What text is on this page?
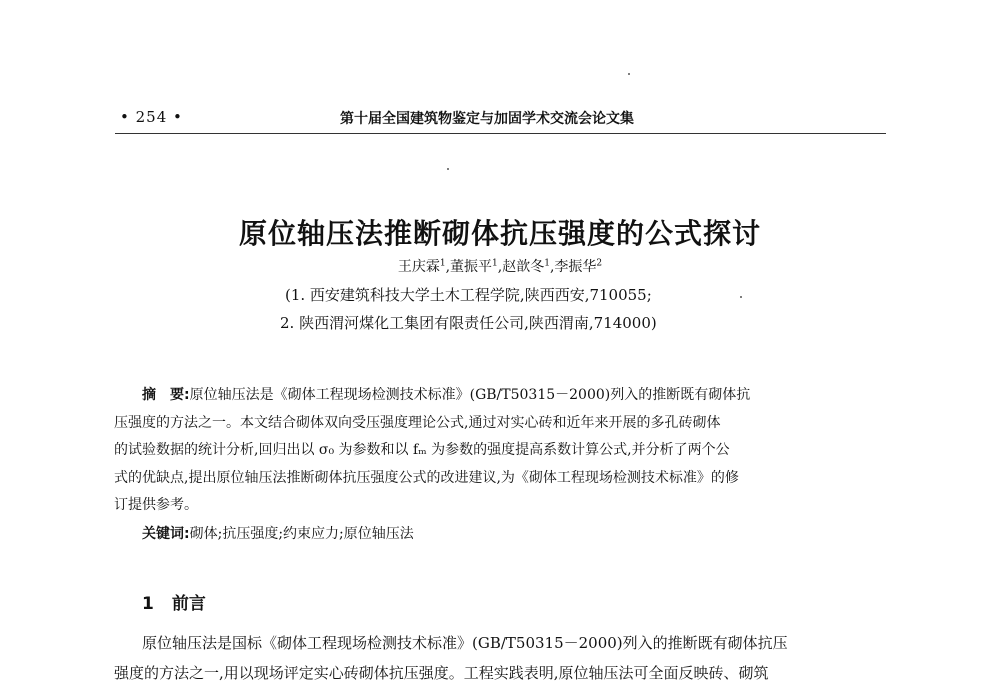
• 254 •	第十届全国建筑物鉴定与加固学术交流会论文集
原位轴压法推断砌体抗压强度的公式探讨
王庆霖$^1$,董振平$^1$,赵歆冬$^1$,李振华$^2$
(1. 西安建筑科技大学土木工程学院,陕西西安,710055;
2. 陕西渭河煤化工集团有限责任公司,陕西渭南,714000)
摘　要:原位轴压法是《砌体工程现场检测技术标准》(GB/T50315－2000)列入的推断既有砌体抗
压强度的方法之一。本文结合砌体双向受压强度理论公式,通过对实心砖和近年来开展的多孔砖砌体
的试验数据的统计分析,回归出以 σ₀ 为参数和以 fₘ 为参数的强度提高系数计算公式,并分析了两个公
式的优缺点,提出原位轴压法推断砌体抗压强度公式的改进建议,为《砌体工程现场检测技术标准》的修
订提供参考。
关键词:砌体;抗压强度;约束应力;原位轴压法
1 前言
原位轴压法是国标《砌体工程现场检测技术标准》(GB/T50315－2000)列入的推断既有砌体抗压
强度的方法之一,用以现场评定实心砖砌体抗压强度。工程实践表明,原位轴压法可全面反映砖、砌筑
